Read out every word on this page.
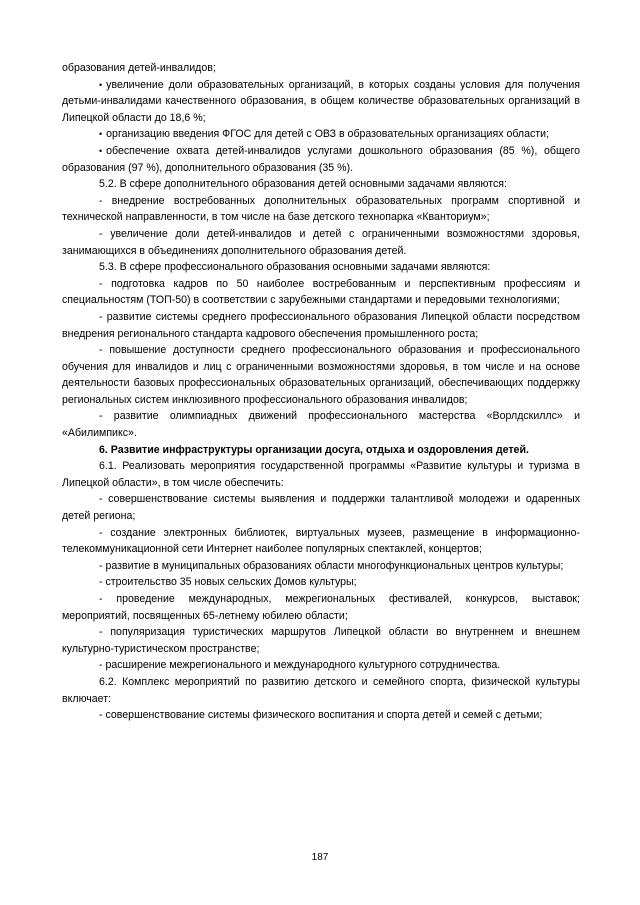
образования детей-инвалидов;

• увеличение доли образовательных организаций, в которых созданы условия для получения детьми-инвалидами качественного образования, в общем количестве образовательных организаций в Липецкой области до 18,6 %;

• организацию введения ФГОС для детей с ОВЗ в образовательных организациях области;

• обеспечение охвата детей-инвалидов услугами дошкольного образования (85 %), общего образования (97 %), дополнительного образования (35 %).

5.2. В сфере дополнительного образования детей основными задачами являются:

- внедрение востребованных дополнительных образовательных программ спортивной и технической направленности, в том числе на базе детского технопарка «Кванториум»;

- увеличение доли детей-инвалидов и детей с ограниченными возможностями здоровья, занимающихся в объединениях дополнительного образования детей.

5.3. В сфере профессионального образования основными задачами являются:

- подготовка кадров по 50 наиболее востребованным и перспективным профессиям и специальностям (ТОП-50) в соответствии с зарубежными стандартами и передовыми технологиями;

- развитие системы среднего профессионального образования Липецкой области посредством внедрения регионального стандарта кадрового обеспечения промышленного роста;

- повышение доступности среднего профессионального образования и профессионального обучения для инвалидов и лиц с ограниченными возможностями здоровья, в том числе и на основе деятельности базовых профессиональных образовательных организаций, обеспечивающих поддержку региональных систем инклюзивного профессионального образования инвалидов;

- развитие олимпиадных движений профессионального мастерства «Ворлдскиллс» и «Абилимпикс».

6. Развитие инфраструктуры организации досуга, отдыха и оздоровления детей.

6.1. Реализовать мероприятия государственной программы «Развитие культуры и туризма в Липецкой области», в том числе обеспечить:

- совершенствование системы выявления и поддержки талантливой молодежи и одаренных детей региона;

- создание электронных библиотек, виртуальных музеев, размещение в информационно-телекоммуникационной сети Интернет наиболее популярных спектаклей, концертов;

- развитие в муниципальных образованиях области многофункциональных центров культуры;

- строительство 35 новых сельских Домов культуры;

- проведение международных, межрегиональных фестивалей, конкурсов, выставок; мероприятий, посвященных 65-летнему юбилею области;

- популяризация туристических маршрутов Липецкой области во внутреннем и внешнем культурно-туристическом пространстве;

- расширение межрегионального и международного культурного сотрудничества.

6.2. Комплекс мероприятий по развитию детского и семейного спорта, физической культуры включает:

- совершенствование системы физического воспитания и спорта детей и семей с детьми;

187
